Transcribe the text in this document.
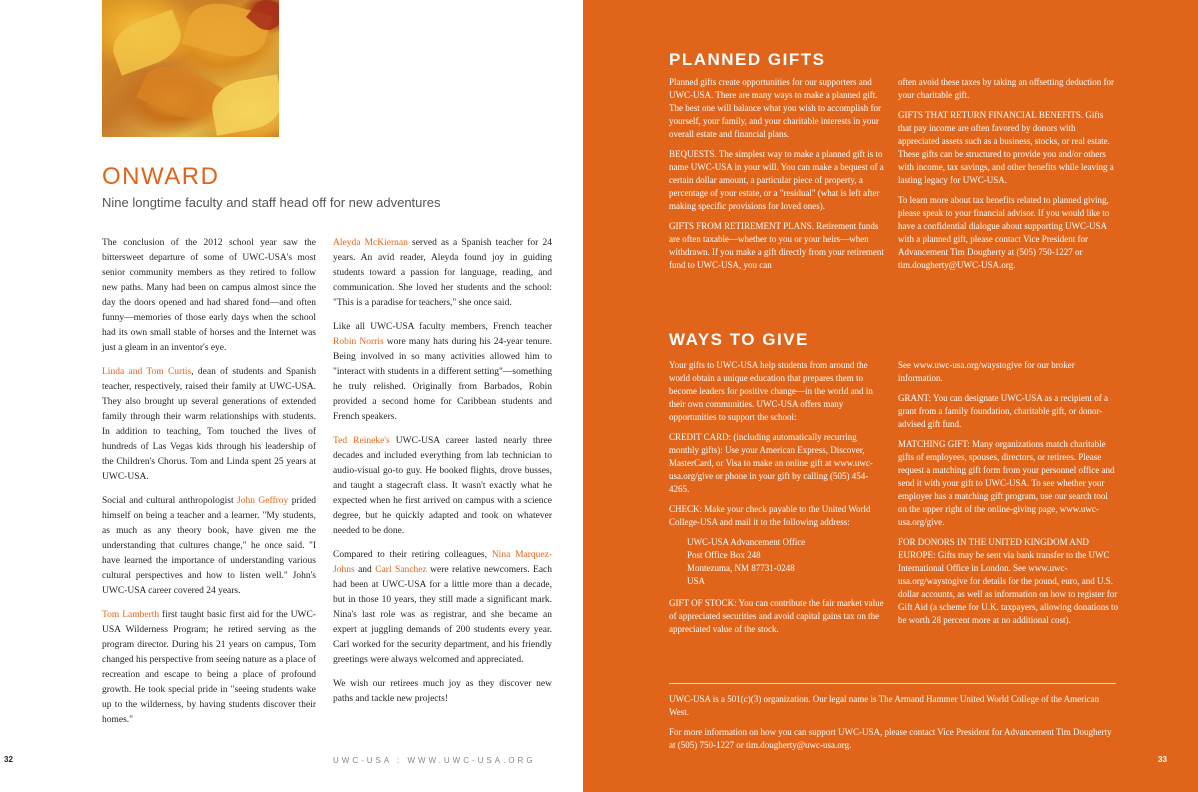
ONWARD

Nine longtime faculty and staff head off for new adventures

The conclusion of the 2012 school year saw the bittersweet departure of some of UWC-USA's most senior community members as they retired to follow new paths. Many had been on campus almost since the day the doors opened and had shared fond—and often funny—memories of those early days when the school had its own small stable of horses and the Internet was just a gleam in an inventor's eye.

Linda and Tom Curtis, dean of students and Spanish teacher, respectively, raised their family at UWC-USA. They also brought up several generations of extended family through their warm relationships with students. In addition to teaching, Tom touched the lives of hundreds of Las Vegas kids through his leadership of the Children's Chorus. Tom and Linda spent 25 years at UWC-USA.

Social and cultural anthropologist John Geffroy prided himself on being a teacher and a learner. "My students, as much as any theory book, have given me the understanding that cultures change," he once said. "I have learned the importance of understanding various cultural perspectives and how to listen well." John's UWC-USA career covered 24 years.

Tom Lamberth first taught basic first aid for the UWC-USA Wilderness Program; he retired serving as the program director. During his 21 years on campus, Tom changed his perspective from seeing nature as a place of recreation and escape to being a place of profound growth. He took special pride in "seeing students wake up to the wilderness, by having students discover their homes."

Aleyda McKiernan served as a Spanish teacher for 24 years. An avid reader, Aleyda found joy in guiding students toward a passion for language, reading, and communication. She loved her students and the school: "This is a paradise for teachers," she once said.

Like all UWC-USA faculty members, French teacher Robin Norris wore many hats during his 24-year tenure. Being involved in so many activities allowed him to "interact with students in a different setting"—something he truly relished. Originally from Barbados, Robin provided a second home for Caribbean students and French speakers.

Ted Reineke's UWC-USA career lasted nearly three decades and included everything from lab technician to audio-visual go-to guy. He booked flights, drove busses, and taught a stagecraft class. It wasn't exactly what he expected when he first arrived on campus with a science degree, but he quickly adapted and took on whatever needed to be done.

Compared to their retiring colleagues, Nina Marquez-Johns and Carl Sanchez were relative newcomers. Each had been at UWC-USA for a little more than a decade, but in those 10 years, they still made a significant mark. Nina's last role was as registrar, and she became an expert at juggling demands of 200 students every year. Carl worked for the security department, and his friendly greetings were always welcomed and appreciated.

We wish our retirees much joy as they discover new paths and tackle new projects!

32	UWC-USA : WWW.UWC-USA.ORG
PLANNED GIFTS

Planned gifts create opportunities for our supporters and UWC-USA. There are many ways to make a planned gift. The best one will balance what you wish to accomplish for yourself, your family, and your charitable interests in your overall estate and financial plans.

BEQUESTS. The simplest way to make a planned gift is to name UWC-USA in your will. You can make a bequest of a certain dollar amount, a particular piece of property, a percentage of your estate, or a "residual" (what is left after making specific provisions for loved ones).

GIFTS FROM RETIREMENT PLANS. Retirement funds are often taxable—whether to you or your heirs—when withdrawn. If you make a gift directly from your retirement fund to UWC-USA, you can

often avoid these taxes by taking an offsetting deduction for your charitable gift.

GIFTS THAT RETURN FINANCIAL BENEFITS. Gifts that pay income are often favored by donors with appreciated assets such as a business, stocks, or real estate. These gifts can be structured to provide you and/or others with income, tax savings, and other benefits while leaving a lasting legacy for UWC-USA.

To learn more about tax benefits related to planned giving, please speak to your financial advisor. If you would like to have a confidential dialogue about supporting UWC-USA with a planned gift, please contact Vice President for Advancement Tim Dougherty at (505) 750-1227 or tim.dougherty@UWC-USA.org.

WAYS TO GIVE

Your gifts to UWC-USA help students from around the world obtain a unique education that prepares them to become leaders for positive change—in the world and in their own communities. UWC-USA offers many opportunities to support the school:

CREDIT CARD: (including automatically recurring monthly gifts): Use your American Express, Discover, MasterCard, or Visa to make an online gift at www.uwc-usa.org/give or phone in your gift by calling (505) 454-4265.

CHECK: Make your check payable to the United World College-USA and mail it to the following address:

UWC-USA Advancement Office
Post Office Box 248
Montezuma, NM 87731-0248
USA

GIFT OF STOCK: You can contribute the fair market value of appreciated securities and avoid capital gains tax on the appreciated value of the stock.

See www.uwc-usa.org/waystogive for our broker information.

GRANT: You can designate UWC-USA as a recipient of a grant from a family foundation, charitable gift, or donor-advised gift fund.

MATCHING GIFT: Many organizations match charitable gifts of employees, spouses, directors, or retirees. Please request a matching gift form from your personnel office and send it with your gift to UWC-USA. To see whether your employer has a matching gift program, use our search tool on the upper right of the online-giving page, www.uwc-usa.org/give.

FOR DONORS IN THE UNITED KINGDOM AND EUROPE: Gifts may be sent via bank transfer to the UWC International Office in London. See www.uwc-usa.org/waystogive for details for the pound, euro, and U.S. dollar accounts, as well as information on how to register for Gift Aid (a scheme for U.K. taxpayers, allowing donations to be worth 28 percent more at no additional cost).

UWC-USA is a 501(c)(3) organization. Our legal name is The Armand Hammer United World College of the American West.

For more information on how you can support UWC-USA, please contact Vice President for Advancement Tim Dougherty at (505) 750-1227 or tim.dougherty@uwc-usa.org.

33
